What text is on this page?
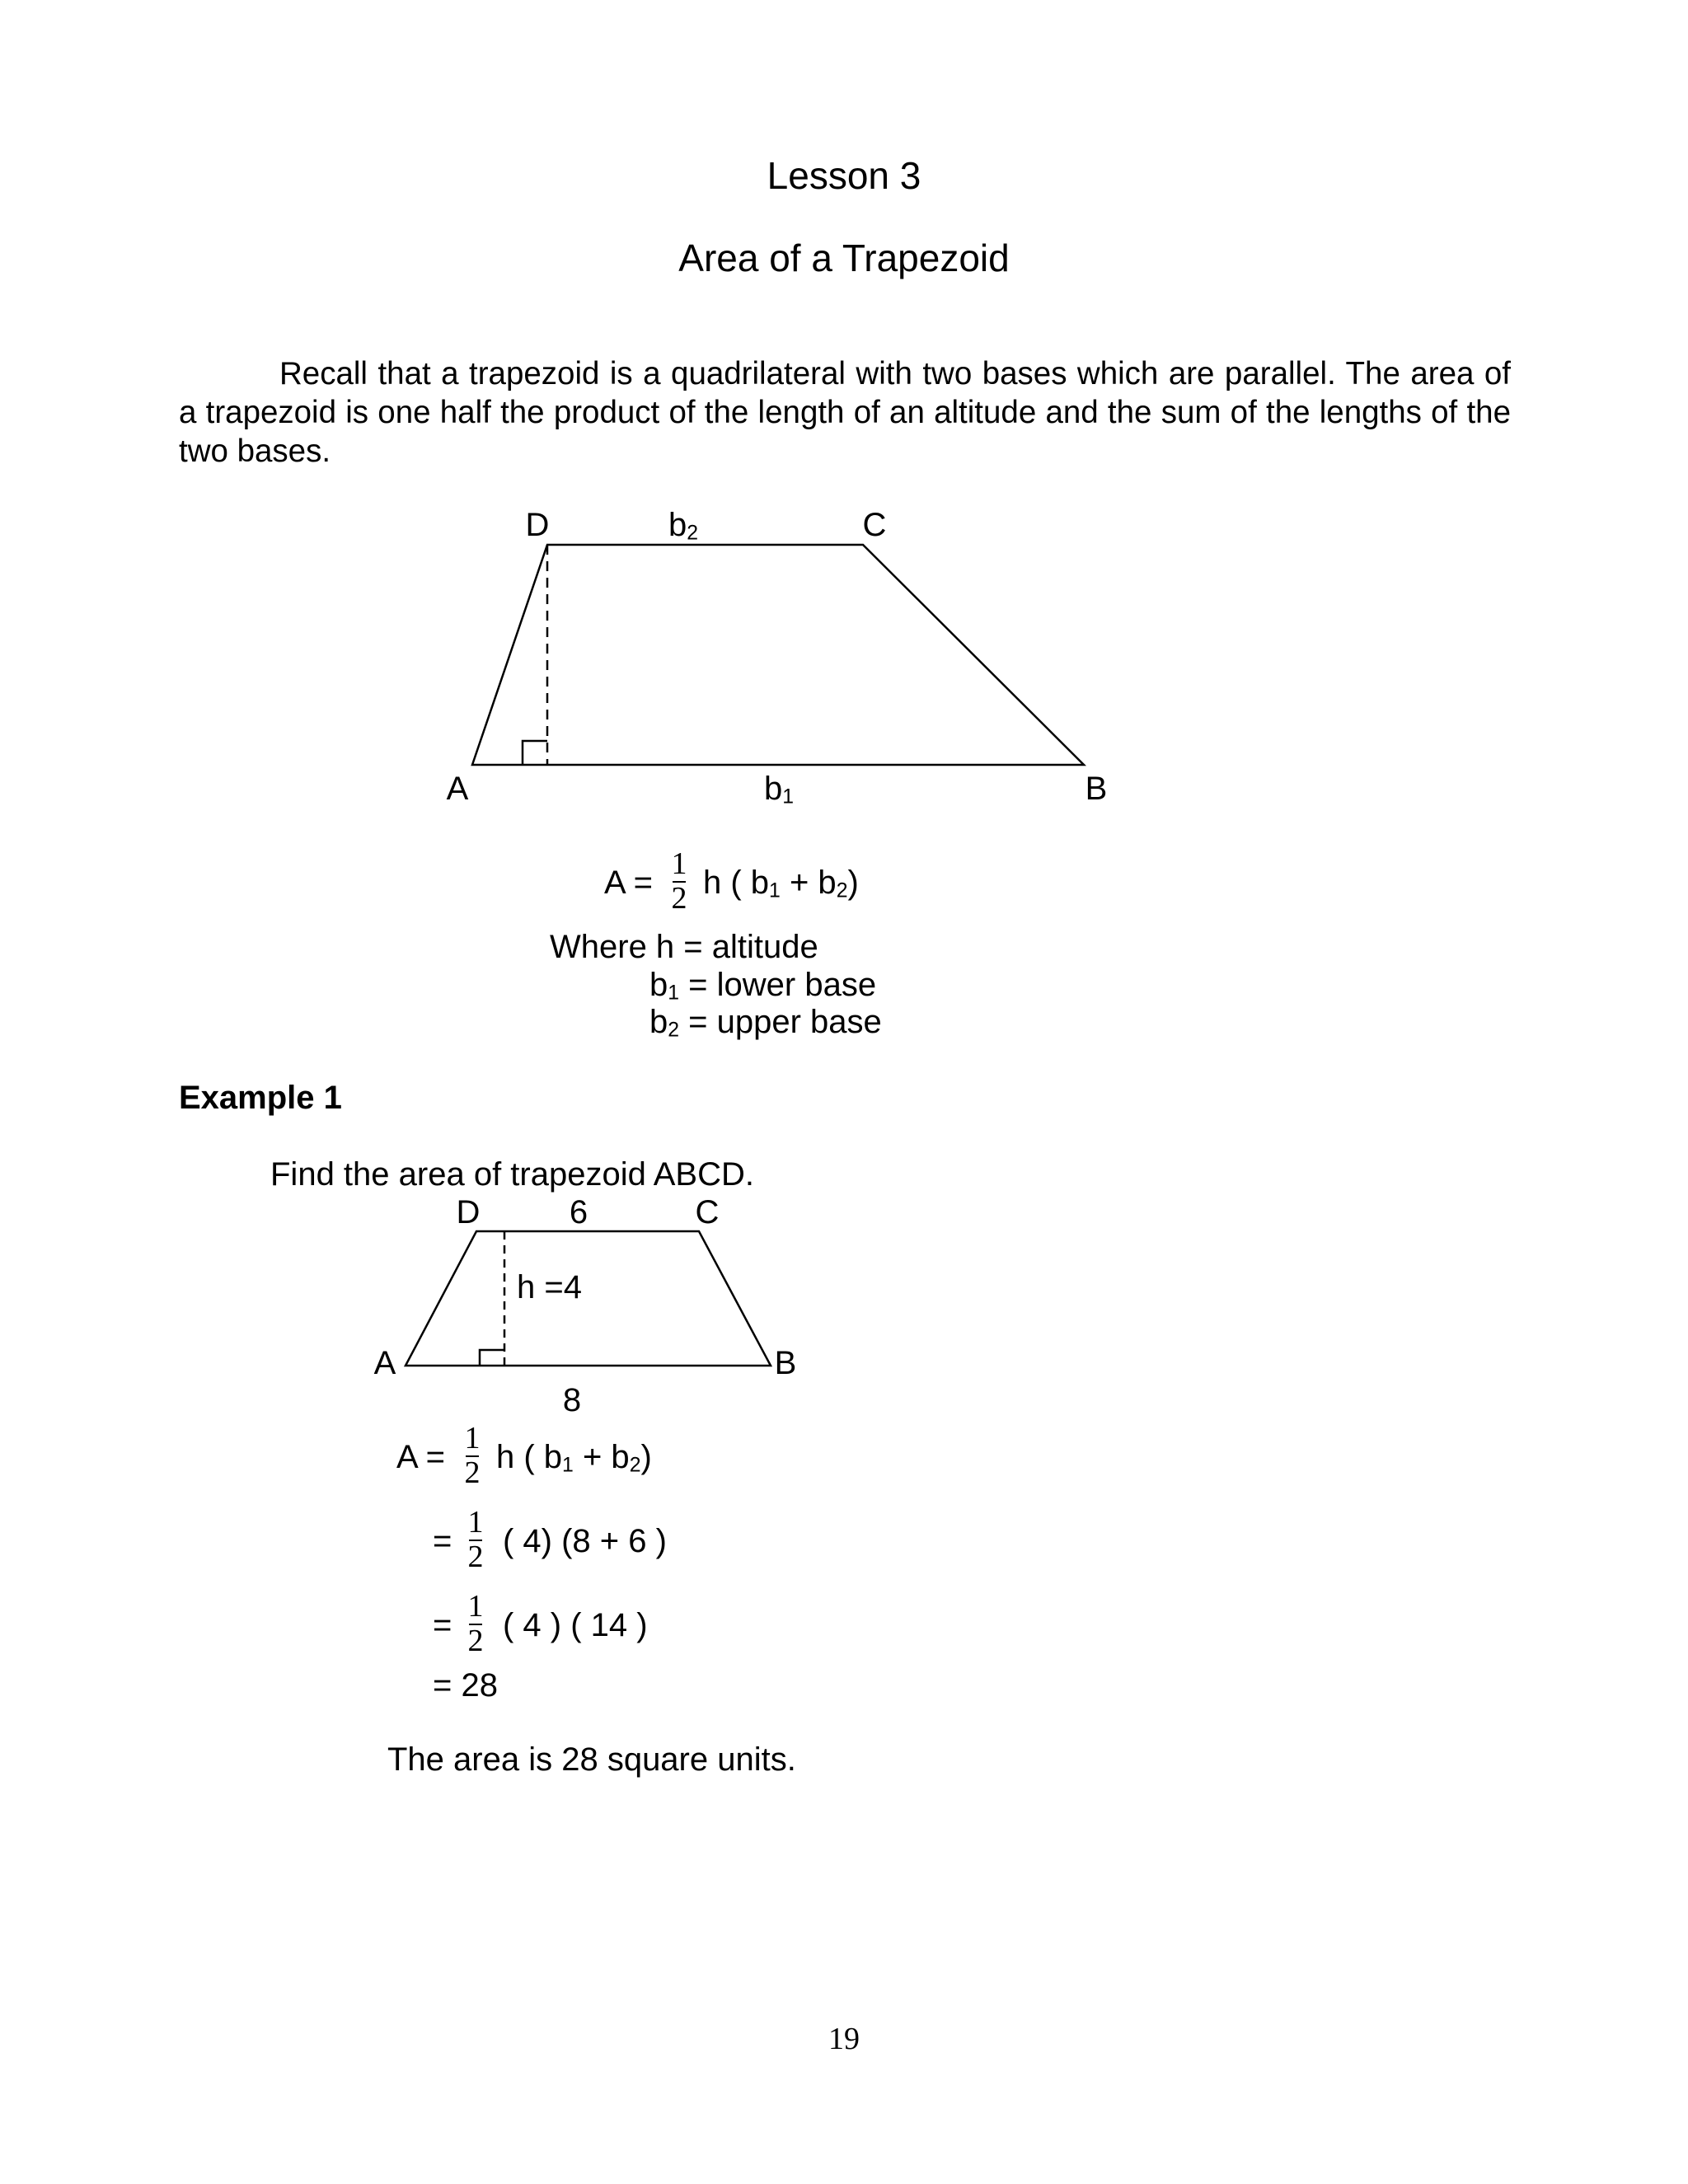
Lesson 3
Area of a Trapezoid
Recall that a trapezoid is a quadrilateral with two bases which are parallel. The area of a trapezoid is one half the product of the length of an altitude and the sum of the lengths of the two bases.
D	$b_2$	C
A	$b_1$	B
A =
1
2 h ( $b_1 + b_2$)
Where h = altitude
$b_1$ = lower base
$b_2$ = upper base
Example 1
Find the area of trapezoid ABCD.
D	6	C
h =4
A	B
8
A =
1
2 h ( $b_1 + b_2$)
=
1
2 ( 4) (8 + 6 )
=
1
2 ( 4 ) ( 14 )
= 28
The area is 28 square units.
19
